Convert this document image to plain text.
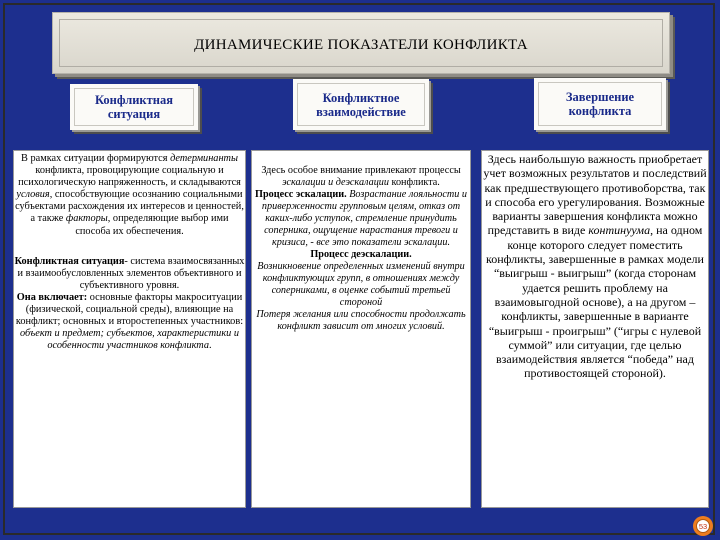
ДИНАМИЧЕСКИЕ ПОКАЗАТЕЛИ КОНФЛИКТА
Конфликтная
ситуация
Конфликтное
взаимодействие
Завершение
конфликта

В рамках ситуации формируются детерминанты конфликта, провоцирующие социальную и психологическую напряженность, и складываются условия, способствующие осознанию социальными субъектами расхождения их интересов и ценностей, а также факторы, определяющие выбор ими способа их обеспечения.

Конфликтная ситуация- система взаимосвязанных и взаимообусловленных элементов объективного и субъективного уровня.
Она включает: основные факторы макроситуации (физической, социальной среды), влияющие на конфликт; основных и второстепенных участников: объект и предмет; субъектов, характеристики и особенности участников конфликта.

Здесь особое внимание привлекают процессы эскалации и деэскалации конфликта.
Процесс эскалации. Возрастание лояльности и приверженности групповым целям, отказ от каких-либо уступок, стремление принудить соперника, ощущение нарастания тревоги и кризиса, - все это показатели эскалации.
Процесс деэскалации.
Возникновение определенных изменений внутри конфликтующих групп, в отношениях между соперниками, в оценке событий третьей стороной
Потеря желания или способности продолжать конфликт зависит от многих условий.

Здесь наибольшую важность приобретает учет возможных результатов и последствий как предшествующего противоборства, так и способа его урегулирования. Возможные варианты завершения конфликта можно представить в виде континуума, на одном конце которого следует поместить конфликты, завершенные в рамках модели “выигрыш - выигрыш” (когда сторонам удается решить проблему на взаимовыгодной основе), а на другом – конфликты, завершенные в варианте “выигрыш - проигрыш” (“игры с нулевой суммой” или ситуации, где целью взаимодействия является “победа” над противостоящей стороной).

53
